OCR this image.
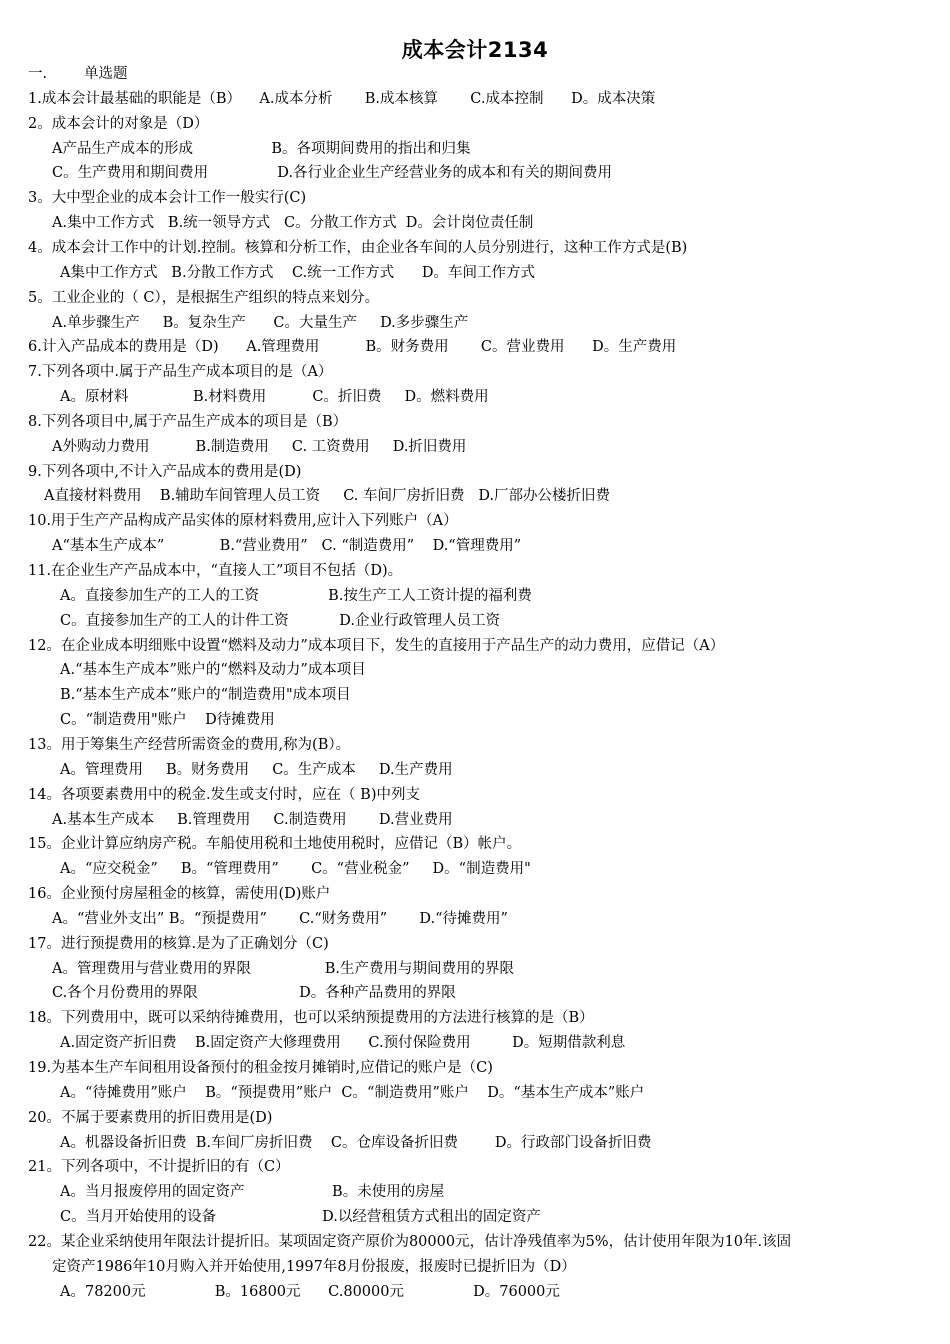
成本会计2134
一.        单选题
1.成本会计最基础的职能是（B）    A.成本分析       B.成本核算       C.成本控制      D。成本决策
2。成本会计的对象是（D）
A产品生产成本的形成                 B。各项期间费用的指出和归集
C。生产费用和期间费用               D.各行业企业生产经营业务的成本和有关的期间费用
3。大中型企业的成本会计工作一般实行(C)
A.集中工作方式   B.统一领导方式   C。分散工作方式  D。会计岗位责任制
4。成本会计工作中的计划.控制。核算和分析工作，由企业各车间的人员分别进行，这种工作方式是(B)
A集中工作方式   B.分散工作方式    C.统一工作方式      D。车间工作方式
5。工业企业的（ C），是根据生产组织的特点来划分。
A.单步骤生产     B。复杂生产      C。大量生产     D.多步骤生产
6.计入产品成本的费用是（D)      A.管理费用          B。财务费用       C。营业费用      D。生产费用
7.下列各项中.属于产品生产成本项目的是（A）
A。原材料              B.材料费用          C。折旧费     D。燃料费用
8.下列各项目中,属于产品生产成本的项目是（B）
A外购动力费用          B.制造费用     C. 工资费用     D.折旧费用
9.下列各项中,不计入产品成本的费用是(D)
A直接材料费用    B.辅助车间管理人员工资     C. 车间厂房折旧费   D.厂部办公楼折旧费
10.用于生产产品构成产品实体的原材料费用,应计入下列账户（A）
A“基本生产成本”            B.“营业费用”   C. “制造费用”    D.“管理费用”
11.在企业生产产品成本中，“直接人工”项目不包括（D)。
A。直接参加生产的工人的工资               B.按生产工人工资计提的福利费
C。直接参加生产的工人的计件工资           D.企业行政管理人员工资
12。在企业成本明细账中设置“燃料及动力”成本项目下，发生的直接用于产品生产的动力费用，应借记（A）
A.“基本生产成本”账户的“燃料及动力”成本项目
B.“基本生产成本”账户的“制造费用"成本项目
C。“制造费用"账户    D待摊费用
13。用于筹集生产经营所需资金的费用,称为(B）。
A。管理费用     B。财务费用     C。生产成本     D.生产费用
14。各项要素费用中的税金.发生或支付时，应在（ B)中列支
A.基本生产成本     B.管理费用     C.制造费用       D.营业费用
15。企业计算应纳房产税。车船使用税和土地使用税时，应借记（B）帐户。
A。“应交税金”     B。“管理费用”       C。“营业税金”     D。“制造费用"
16。企业预付房屋租金的核算，需使用(D)账户
A。“营业外支出” B。“预提费用”       C.“财务费用”       D.“待摊费用”
17。进行预提费用的核算.是为了正确划分（C)
A。管理费用与营业费用的界限                B.生产费用与期间费用的界限
C.各个月份费用的界限                      D。各种产品费用的界限
18。下列费用中，既可以采纳待摊费用，也可以采纳预提费用的方法进行核算的是（B）
A.固定资产折旧费    B.固定资产大修理费用      C.预付保险费用         D。短期借款利息
19.为基本生产车间租用设备预付的租金按月摊销时,应借记的账户是（C)
A。“待摊费用”账户    B。“预提费用”账户  C。“制造费用”账户    D。“基本生产成本”账户
20。不属于要素费用的折旧费用是(D)
A。机器设备折旧费  B.车间厂房折旧费    C。仓库设备折旧费        D。行政部门设备折旧费
21。下列各项中，不计提折旧的有（C）
A。当月报废停用的固定资产                   B。未使用的房屋
C。当月开始使用的设备                       D.以经营租赁方式租出的固定资产
22。某企业采纳使用年限法计提折旧。某项固定资产原价为80000元，估计净残值率为5%，估计使用年限为10年.该固
定资产1986年10月购入并开始使用,1997年8月份报废，报废时已提折旧为（D）
A。78200元               B。16800元      C.80000元               D。76000元
